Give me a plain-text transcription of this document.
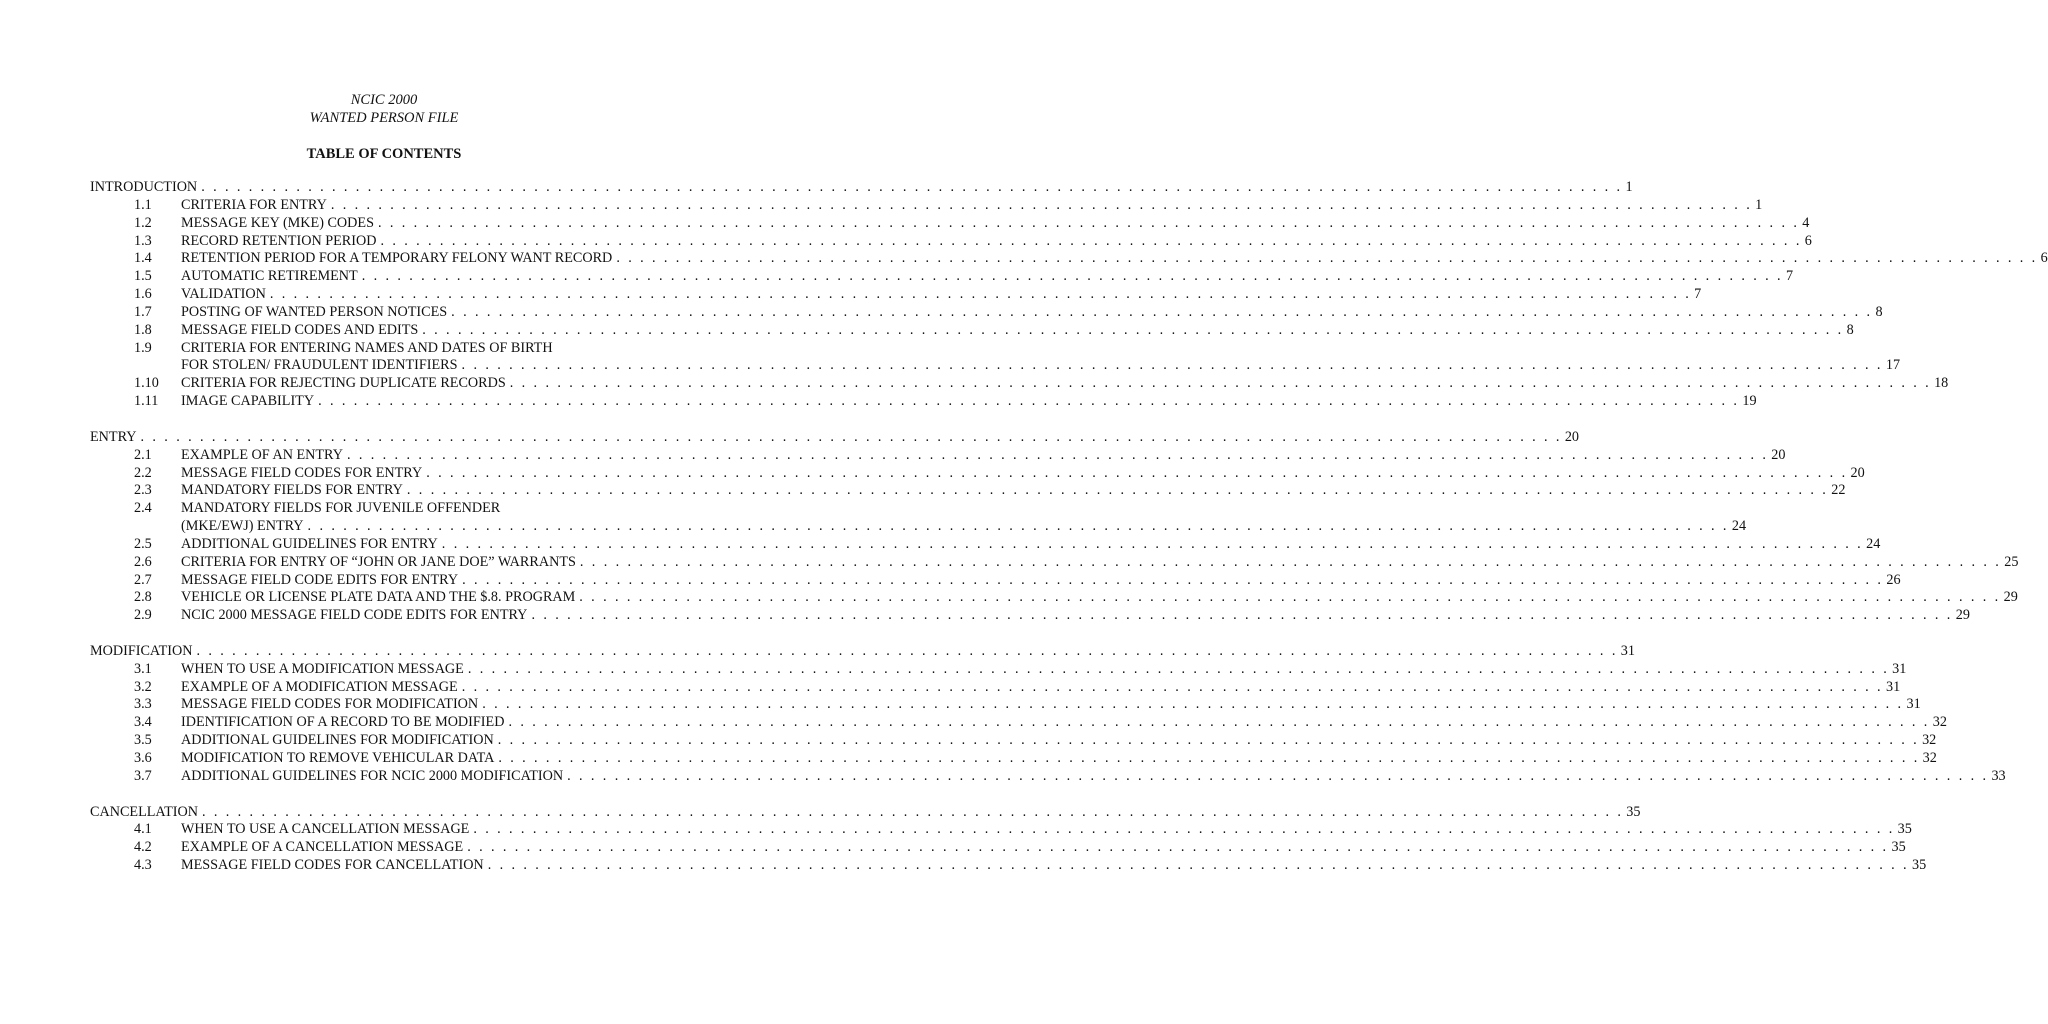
NCIC 2000
WANTED PERSON FILE
TABLE OF CONTENTS
INTRODUCTION . . . . . . . . . . . . . . . . . . . . . . . . . . . . . . . . . . . . . . . . . . . . . . . . . . . . . . . . . . . . . . . . . . . . . . . . . . . . . . . . . . . . . . . . . . . . . . . . . . . . . . . . . . . . . . . . . . . . . . . . 1
1.1	CRITERIA FOR ENTRY . . . . . . . . . . . . . . . . . . . . . . . . . . . . . . . . . . . . . . . . . . . . . . . . . . . . . . . . . . . . . . . . . . . . . . . . . . . . . . . . . . . . . . . . . . . . . . . . . . . . . . . . . . . . . . . . . . . . . . . . 1
1.2	MESSAGE KEY (MKE) CODES . . . . . . . . . . . . . . . . . . . . . . . . . . . . . . . . . . . . . . . . . . . . . . . . . . . . . . . . . . . . . . . . . . . . . . . . . . . . . . . . . . . . . . . . . . . . . . . . . . . . . . . . . . . . . . . . . . . . . . . . 4
1.3	RECORD RETENTION PERIOD . . . . . . . . . . . . . . . . . . . . . . . . . . . . . . . . . . . . . . . . . . . . . . . . . . . . . . . . . . . . . . . . . . . . . . . . . . . . . . . . . . . . . . . . . . . . . . . . . . . . . . . . . . . . . . . . . . . . . . . . 6
1.4	RETENTION PERIOD FOR A TEMPORARY FELONY WANT RECORD . . . . . . . . . . . . . . . . . . . . . . . . . . . . . . . . . . . . . . . . . . . . . . . . . . . . . . . . . . . . . . . . . . . . . . . . . . . . . . . . . . . . . . . . . . . . . . . . . . . . . . . . . . . . . . . . . . . . . . . . 6
1.5	AUTOMATIC RETIREMENT . . . . . . . . . . . . . . . . . . . . . . . . . . . . . . . . . . . . . . . . . . . . . . . . . . . . . . . . . . . . . . . . . . . . . . . . . . . . . . . . . . . . . . . . . . . . . . . . . . . . . . . . . . . . . . . . . . . . . . . . 7
1.6	VALIDATION . . . . . . . . . . . . . . . . . . . . . . . . . . . . . . . . . . . . . . . . . . . . . . . . . . . . . . . . . . . . . . . . . . . . . . . . . . . . . . . . . . . . . . . . . . . . . . . . . . . . . . . . . . . . . . . . . . . . . . . . 7
1.7	POSTING OF WANTED PERSON NOTICES . . . . . . . . . . . . . . . . . . . . . . . . . . . . . . . . . . . . . . . . . . . . . . . . . . . . . . . . . . . . . . . . . . . . . . . . . . . . . . . . . . . . . . . . . . . . . . . . . . . . . . . . . . . . . . . . . . . . . . . . 8
1.8	MESSAGE FIELD CODES AND EDITS . . . . . . . . . . . . . . . . . . . . . . . . . . . . . . . . . . . . . . . . . . . . . . . . . . . . . . . . . . . . . . . . . . . . . . . . . . . . . . . . . . . . . . . . . . . . . . . . . . . . . . . . . . . . . . . . . . . . . . . . 8
1.9	CRITERIA FOR ENTERING NAMES AND DATES OF BIRTH
FOR STOLEN/ FRAUDULENT IDENTIFIERS . . . . . . . . . . . . . . . . . . . . . . . . . . . . . . . . . . . . . . . . . . . . . . . . . . . . . . . . . . . . . . . . . . . . . . . . . . . . . . . . . . . . . . . . . . . . . . . . . . . . . . . . . . . . . . . . . . . . . . . . 17
1.10	CRITERIA FOR REJECTING DUPLICATE RECORDS . . . . . . . . . . . . . . . . . . . . . . . . . . . . . . . . . . . . . . . . . . . . . . . . . . . . . . . . . . . . . . . . . . . . . . . . . . . . . . . . . . . . . . . . . . . . . . . . . . . . . . . . . . . . . . . . . . . . . . . . 18
1.11	IMAGE CAPABILITY . . . . . . . . . . . . . . . . . . . . . . . . . . . . . . . . . . . . . . . . . . . . . . . . . . . . . . . . . . . . . . . . . . . . . . . . . . . . . . . . . . . . . . . . . . . . . . . . . . . . . . . . . . . . . . . . . . . . . . . . 19
ENTRY . . . . . . . . . . . . . . . . . . . . . . . . . . . . . . . . . . . . . . . . . . . . . . . . . . . . . . . . . . . . . . . . . . . . . . . . . . . . . . . . . . . . . . . . . . . . . . . . . . . . . . . . . . . . . . . . . . . . . . . . 20
2.1	EXAMPLE OF AN ENTRY . . . . . . . . . . . . . . . . . . . . . . . . . . . . . . . . . . . . . . . . . . . . . . . . . . . . . . . . . . . . . . . . . . . . . . . . . . . . . . . . . . . . . . . . . . . . . . . . . . . . . . . . . . . . . . . . . . . . . . . . 20
2.2	MESSAGE FIELD CODES FOR ENTRY . . . . . . . . . . . . . . . . . . . . . . . . . . . . . . . . . . . . . . . . . . . . . . . . . . . . . . . . . . . . . . . . . . . . . . . . . . . . . . . . . . . . . . . . . . . . . . . . . . . . . . . . . . . . . . . . . . . . . . . . 20
2.3	MANDATORY FIELDS FOR ENTRY . . . . . . . . . . . . . . . . . . . . . . . . . . . . . . . . . . . . . . . . . . . . . . . . . . . . . . . . . . . . . . . . . . . . . . . . . . . . . . . . . . . . . . . . . . . . . . . . . . . . . . . . . . . . . . . . . . . . . . . . 22
2.4	MANDATORY FIELDS FOR JUVENILE OFFENDER
(MKE/EWJ) ENTRY . . . . . . . . . . . . . . . . . . . . . . . . . . . . . . . . . . . . . . . . . . . . . . . . . . . . . . . . . . . . . . . . . . . . . . . . . . . . . . . . . . . . . . . . . . . . . . . . . . . . . . . . . . . . . . . . . . . . . . . . 24
2.5	ADDITIONAL GUIDELINES FOR ENTRY . . . . . . . . . . . . . . . . . . . . . . . . . . . . . . . . . . . . . . . . . . . . . . . . . . . . . . . . . . . . . . . . . . . . . . . . . . . . . . . . . . . . . . . . . . . . . . . . . . . . . . . . . . . . . . . . . . . . . . . . 24
2.6	CRITERIA FOR ENTRY OF “JOHN OR JANE DOE” WARRANTS . . . . . . . . . . . . . . . . . . . . . . . . . . . . . . . . . . . . . . . . . . . . . . . . . . . . . . . . . . . . . . . . . . . . . . . . . . . . . . . . . . . . . . . . . . . . . . . . . . . . . . . . . . . . . . . . . . . . . . . . 25
2.7	MESSAGE FIELD CODE EDITS FOR ENTRY . . . . . . . . . . . . . . . . . . . . . . . . . . . . . . . . . . . . . . . . . . . . . . . . . . . . . . . . . . . . . . . . . . . . . . . . . . . . . . . . . . . . . . . . . . . . . . . . . . . . . . . . . . . . . . . . . . . . . . . . 26
2.8	VEHICLE OR LICENSE PLATE DATA AND THE $.8. PROGRAM . . . . . . . . . . . . . . . . . . . . . . . . . . . . . . . . . . . . . . . . . . . . . . . . . . . . . . . . . . . . . . . . . . . . . . . . . . . . . . . . . . . . . . . . . . . . . . . . . . . . . . . . . . . . . . . . . . . . . . . . 29
2.9	NCIC 2000 MESSAGE FIELD CODE EDITS FOR ENTRY . . . . . . . . . . . . . . . . . . . . . . . . . . . . . . . . . . . . . . . . . . . . . . . . . . . . . . . . . . . . . . . . . . . . . . . . . . . . . . . . . . . . . . . . . . . . . . . . . . . . . . . . . . . . . . . . . . . . . . . . 29
MODIFICATION . . . . . . . . . . . . . . . . . . . . . . . . . . . . . . . . . . . . . . . . . . . . . . . . . . . . . . . . . . . . . . . . . . . . . . . . . . . . . . . . . . . . . . . . . . . . . . . . . . . . . . . . . . . . . . . . . . . . . . . . 31
3.1	WHEN TO USE A MODIFICATION MESSAGE . . . . . . . . . . . . . . . . . . . . . . . . . . . . . . . . . . . . . . . . . . . . . . . . . . . . . . . . . . . . . . . . . . . . . . . . . . . . . . . . . . . . . . . . . . . . . . . . . . . . . . . . . . . . . . . . . . . . . . . . 31
3.2	EXAMPLE OF A MODIFICATION MESSAGE . . . . . . . . . . . . . . . . . . . . . . . . . . . . . . . . . . . . . . . . . . . . . . . . . . . . . . . . . . . . . . . . . . . . . . . . . . . . . . . . . . . . . . . . . . . . . . . . . . . . . . . . . . . . . . . . . . . . . . . . 31
3.3	MESSAGE FIELD CODES FOR MODIFICATION . . . . . . . . . . . . . . . . . . . . . . . . . . . . . . . . . . . . . . . . . . . . . . . . . . . . . . . . . . . . . . . . . . . . . . . . . . . . . . . . . . . . . . . . . . . . . . . . . . . . . . . . . . . . . . . . . . . . . . . . 31
3.4	IDENTIFICATION OF A RECORD TO BE MODIFIED . . . . . . . . . . . . . . . . . . . . . . . . . . . . . . . . . . . . . . . . . . . . . . . . . . . . . . . . . . . . . . . . . . . . . . . . . . . . . . . . . . . . . . . . . . . . . . . . . . . . . . . . . . . . . . . . . . . . . . . . 32
3.5	ADDITIONAL GUIDELINES FOR MODIFICATION . . . . . . . . . . . . . . . . . . . . . . . . . . . . . . . . . . . . . . . . . . . . . . . . . . . . . . . . . . . . . . . . . . . . . . . . . . . . . . . . . . . . . . . . . . . . . . . . . . . . . . . . . . . . . . . . . . . . . . . . 32
3.6	MODIFICATION TO REMOVE VEHICULAR DATA . . . . . . . . . . . . . . . . . . . . . . . . . . . . . . . . . . . . . . . . . . . . . . . . . . . . . . . . . . . . . . . . . . . . . . . . . . . . . . . . . . . . . . . . . . . . . . . . . . . . . . . . . . . . . . . . . . . . . . . . 32
3.7	ADDITIONAL GUIDELINES FOR NCIC 2000 MODIFICATION . . . . . . . . . . . . . . . . . . . . . . . . . . . . . . . . . . . . . . . . . . . . . . . . . . . . . . . . . . . . . . . . . . . . . . . . . . . . . . . . . . . . . . . . . . . . . . . . . . . . . . . . . . . . . . . . . . . . . . . . 33
CANCELLATION . . . . . . . . . . . . . . . . . . . . . . . . . . . . . . . . . . . . . . . . . . . . . . . . . . . . . . . . . . . . . . . . . . . . . . . . . . . . . . . . . . . . . . . . . . . . . . . . . . . . . . . . . . . . . . . . . . . . . . . . 35
4.1	WHEN TO USE A CANCELLATION MESSAGE . . . . . . . . . . . . . . . . . . . . . . . . . . . . . . . . . . . . . . . . . . . . . . . . . . . . . . . . . . . . . . . . . . . . . . . . . . . . . . . . . . . . . . . . . . . . . . . . . . . . . . . . . . . . . . . . . . . . . . . . 35
4.2	EXAMPLE OF A CANCELLATION MESSAGE . . . . . . . . . . . . . . . . . . . . . . . . . . . . . . . . . . . . . . . . . . . . . . . . . . . . . . . . . . . . . . . . . . . . . . . . . . . . . . . . . . . . . . . . . . . . . . . . . . . . . . . . . . . . . . . . . . . . . . . . 35
4.3	MESSAGE FIELD CODES FOR CANCELLATION . . . . . . . . . . . . . . . . . . . . . . . . . . . . . . . . . . . . . . . . . . . . . . . . . . . . . . . . . . . . . . . . . . . . . . . . . . . . . . . . . . . . . . . . . . . . . . . . . . . . . . . . . . . . . . . . . . . . . . . . 35
